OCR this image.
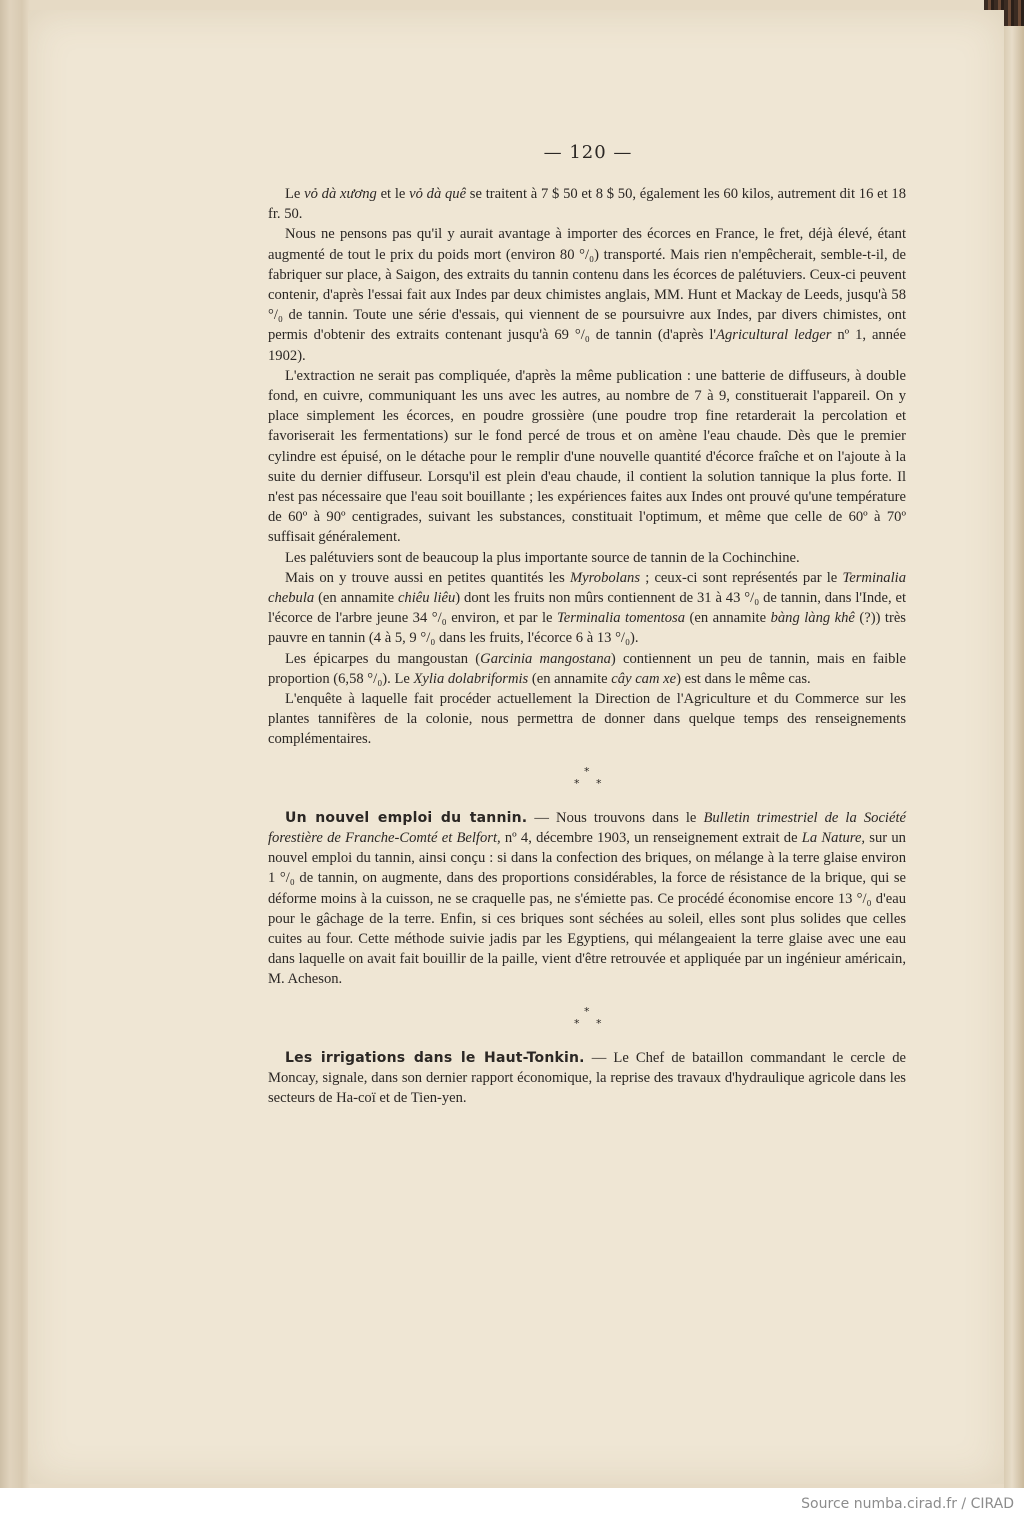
— 120 —

Le vỏ dà xương et le vỏ dà quê se traitent à 7 $ 50 et 8 $ 50, également les 60 kilos, autrement dit 16 et 18 fr. 50.

Nous ne pensons pas qu'il y aurait avantage à importer des écorces en France, le fret, déjà élevé, étant augmenté de tout le prix du poids mort (environ 80 °/₀) transporté. Mais rien n'empêcherait, semble-t-il, de fabriquer sur place, à Saigon, des extraits du tannin contenu dans les écorces de palétuviers. Ceux-ci peuvent contenir, d'après l'essai fait aux Indes par deux chimistes anglais, MM. Hunt et Mackay de Leeds, jusqu'à 58 °/₀ de tannin. Toute une série d'essais, qui viennent de se poursuivre aux Indes, par divers chimistes, ont permis d'obtenir des extraits contenant jusqu'à 69 °/₀ de tannin (d'après l'Agricultural ledger nº 1, année 1902).

L'extraction ne serait pas compliquée, d'après la même publication : une batterie de diffuseurs, à double fond, en cuivre, communiquant les uns avec les autres, au nombre de 7 à 9, constituerait l'appareil. On y place simplement les écorces, en poudre grossière (une poudre trop fine retarderait la percolation et favoriserait les fermentations) sur le fond percé de trous et on amène l'eau chaude. Dès que le premier cylindre est épuisé, on le détache pour le remplir d'une nouvelle quantité d'écorce fraîche et on l'ajoute à la suite du dernier diffuseur. Lorsqu'il est plein d'eau chaude, il contient la solution tannique la plus forte. Il n'est pas nécessaire que l'eau soit bouillante ; les expériences faites aux Indes ont prouvé qu'une température de 60º à 90º centigrades, suivant les substances, constituait l'optimum, et même que celle de 60º à 70º suffisait généralement.

Les palétuviers sont de beaucoup la plus importante source de tannin de la Cochinchine.

Mais on y trouve aussi en petites quantités les Myrobolans ; ceux-ci sont représentés par le Terminalia chebula (en annamite chiêu liêu) dont les fruits non mûrs contiennent de 31 à 43 °/₀ de tannin, dans l'Inde, et l'écorce de l'arbre jeune 34 °/₀ environ, et par le Terminalia tomentosa (en annamite bàng làng khê (?)) très pauvre en tannin (4 à 5, 9 °/₀ dans les fruits, l'écorce 6 à 13 °/₀).

Les épicarpes du mangoustan (Garcinia mangostana) contiennent un peu de tannin, mais en faible proportion (6,58 °/₀). Le Xylia dolabriformis (en annamite cây cam xe) est dans le même cas.

L'enquête à laquelle fait procéder actuellement la Direction de l'Agriculture et du Commerce sur les plantes tannifères de la colonie, nous permettra de donner dans quelque temps des renseignements complémentaires.

*
* *

Un nouvel emploi du tannin. — Nous trouvons dans le Bulletin trimestriel de la Société forestière de Franche-Comté et Belfort, nº 4, décembre 1903, un renseignement extrait de La Nature, sur un nouvel emploi du tannin, ainsi conçu : si dans la confection des briques, on mélange à la terre glaise environ 1 °/₀ de tannin, on augmente, dans des proportions considérables, la force de résistance de la brique, qui se déforme moins à la cuisson, ne se craquelle pas, ne s'émiette pas. Ce procédé économise encore 13 °/₀ d'eau pour le gâchage de la terre. Enfin, si ces briques sont séchées au soleil, elles sont plus solides que celles cuites au four. Cette méthode suivie jadis par les Egyptiens, qui mélangeaient la terre glaise avec une eau dans laquelle on avait fait bouillir de la paille, vient d'être retrouvée et appliquée par un ingénieur américain, M. Acheson.

*
* *

Les irrigations dans le Haut-Tonkin. — Le Chef de bataillon commandant le cercle de Moncay, signale, dans son dernier rapport économique, la reprise des travaux d'hydraulique agricole dans les secteurs de Ha-coï et de Tien-yen.

Source numba.cirad.fr / CIRAD
